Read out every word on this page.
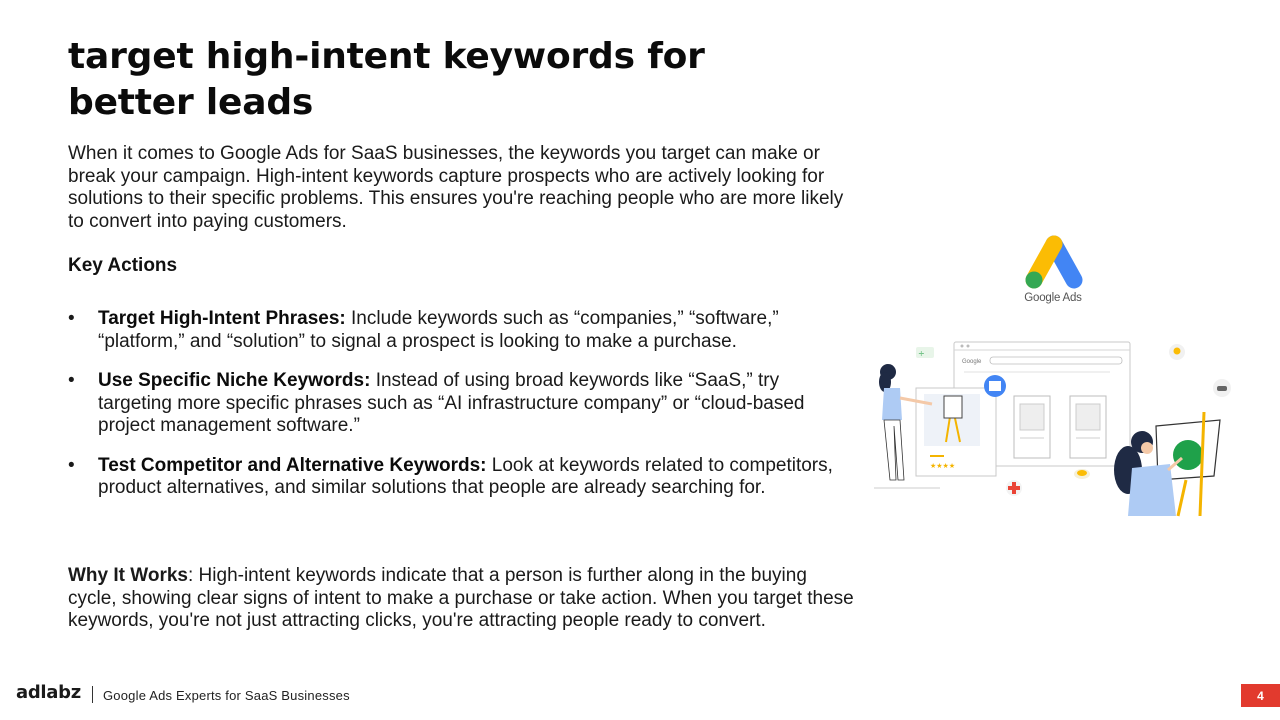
target high-intent keywords for better leads

When it comes to Google Ads for SaaS businesses, the keywords you target can make or break your campaign. High-intent keywords capture prospects who are actively looking for solutions to their specific problems. This ensures you're reaching people who are more likely to convert into paying customers.

Key Actions

• Target High-Intent Phrases: Include keywords such as “companies,” “software,” “platform,” and “solution” to signal a prospect is looking to make a purchase.
• Use Specific Niche Keywords: Instead of using broad keywords like “SaaS,” try targeting more specific phrases such as “AI infrastructure company” or “cloud-based project management software.”
• Test Competitor and Alternative Keywords: Look at keywords related to competitors, product alternatives, and similar solutions that people are already searching for.

Why It Works: High-intent keywords indicate that a person is further along in the buying cycle, showing clear signs of intent to make a purchase or take action. When you target these keywords, you're not just attracting clicks, you're attracting people ready to convert.

Google Ads
Google
★★★★
÷
adlabz Google Ads Experts for SaaS Businesses	4
